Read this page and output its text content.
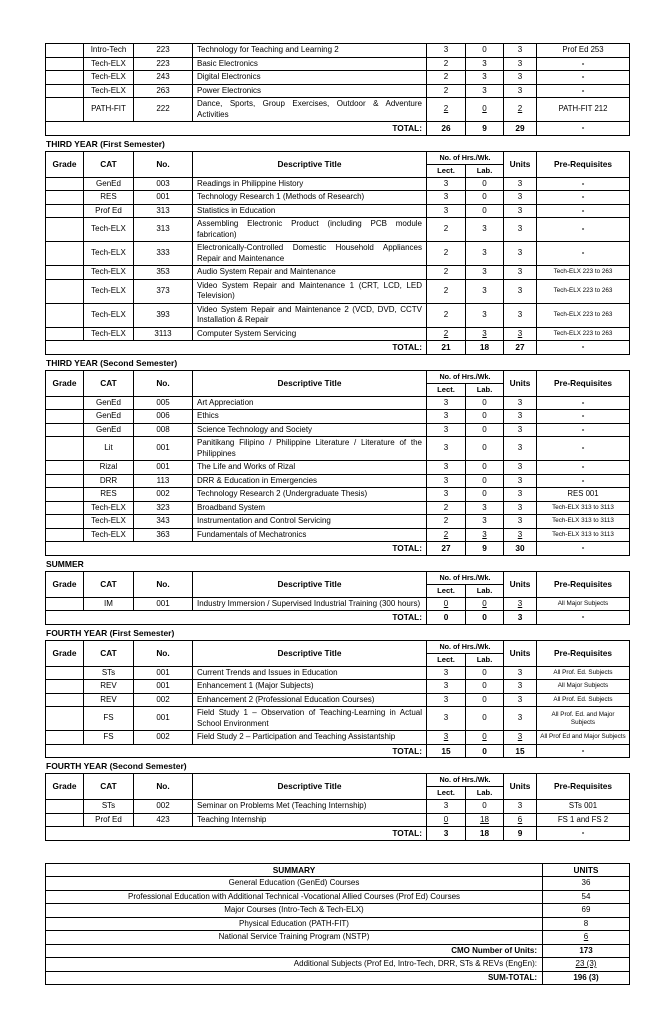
	Intro-Tech	223	Technology for Teaching and Learning 2	3	0	3	Prof Ed 253
	Tech-ELX	223	Basic Electronics	2	3	3	-
	Tech-ELX	243	Digital Electronics	2	3	3	-
	Tech-ELX	263	Power Electronics	2	3	3	-
	PATH-FIT	222	Dance, Sports, Group Exercises, Outdoor & Adventure Activities	2	0	2	PATH-FIT 212
TOTAL:				26	9	29	-
THIRD YEAR (First Semester)
Grade	CAT	No.	Descriptive Title	No. of Hrs./Wk.		Units	Pre-Requisites
				Lect.	Lab.		
	GenEd	003	Readings in Philippine History	3	0	3	-
	RES	001	Technology Research 1 (Methods of Research)	3	0	3	-
	Prof Ed	313	Statistics in Education	3	0	3	-
	Tech-ELX	313	Assembling Electronic Product (including PCB module fabrication)	2	3	3	-
	Tech-ELX	333	Electronically-Controlled Domestic Household Appliances Repair and Maintenance	2	3	3	-
	Tech-ELX	353	Audio System Repair and Maintenance	2	3	3	Tech-ELX 223 to 263
	Tech-ELX	373	Video System Repair and Maintenance 1 (CRT, LCD, LED Television)	2	3	3	Tech-ELX 223 to 263
	Tech-ELX	393	Video System Repair and Maintenance 2 (VCD, DVD, CCTV Installation & Repair	2	3	3	Tech-ELX 223 to 263
	Tech-ELX	3113	Computer System Servicing	2	3	3	Tech-ELX 223 to 263
TOTAL:				21	18	27	-
THIRD YEAR (Second Semester)
Grade	CAT	No.	Descriptive Title	No. of Hrs./Wk.		Units	Pre-Requisites
				Lect.	Lab.		
	GenEd	005	Art Appreciation	3	0	3	-
	GenEd	006	Ethics	3	0	3	-
	GenEd	008	Science Technology and Society	3	0	3	-
	Lit	001	Panitikang Filipino / Philippine Literature / Literature of the Philippines	3	0	3	-
	Rizal	001	The Life and Works of Rizal	3	0	3	-
	DRR	113	DRR & Education in Emergencies	3	0	3	-
	RES	002	Technology Research 2 (Undergraduate Thesis)	3	0	3	RES 001
	Tech-ELX	323	Broadband System	2	3	3	Tech-ELX 313 to 3113
	Tech-ELX	343	Instrumentation and Control Servicing	2	3	3	Tech-ELX 313 to 3113
	Tech-ELX	363	Fundamentals of Mechatronics	2	3	3	Tech-ELX 313 to 3113
TOTAL:				27	9	30	-
SUMMER
Grade	CAT	No.	Descriptive Title	No. of Hrs./Wk.		Units	Pre-Requisites
				Lect.	Lab.		
	IM	001	Industry Immersion / Supervised Industrial Training (300 hours)	0	0	3	All Major Subjects
TOTAL:				0	0	3	-
FOURTH YEAR (First Semester)
Grade	CAT	No.	Descriptive Title	No. of Hrs./Wk.		Units	Pre-Requisites
				Lect.	Lab.		
	STs	001	Current Trends and Issues in Education	3	0	3	All Prof. Ed. Subjects
	REV	001	Enhancement 1 (Major Subjects)	3	0	3	All Major Subjects
	REV	002	Enhancement 2 (Professional Education Courses)	3	0	3	All Prof. Ed. Subjects
	FS	001	Field Study 1 – Observation of Teaching-Learning in Actual School Environment	3	0	3	All Prof. Ed. and Major Subjects
	FS	002	Field Study 2 – Participation and Teaching Assistantship	3	0	3	All Prof Ed and Major Subjects
TOTAL:				15	0	15	-
FOURTH YEAR (Second Semester)
Grade	CAT	No.	Descriptive Title	No. of Hrs./Wk.		Units	Pre-Requisites
				Lect.	Lab.		
	STs	002	Seminar on Problems Met (Teaching Internship)	3	0	3	STs 001
	Prof Ed	423	Teaching Internship	0	18	6	FS 1 and FS 2
TOTAL:				3	18	9	-
SUMMARY	UNITS
General Education (GenEd) Courses	36
Professional Education with Additional Technical -Vocational Allied Courses (Prof Ed) Courses	54
Major Courses (Intro-Tech & Tech-ELX)	69
Physical Education (PATH-FIT)	8
National Service Training Program (NSTP)	6
CMO Number of Units:	173
Additional Subjects (Prof Ed, Intro-Tech, DRR, STs & REVs (EngEn):	23 (3)
SUM-TOTAL:	196 (3)
